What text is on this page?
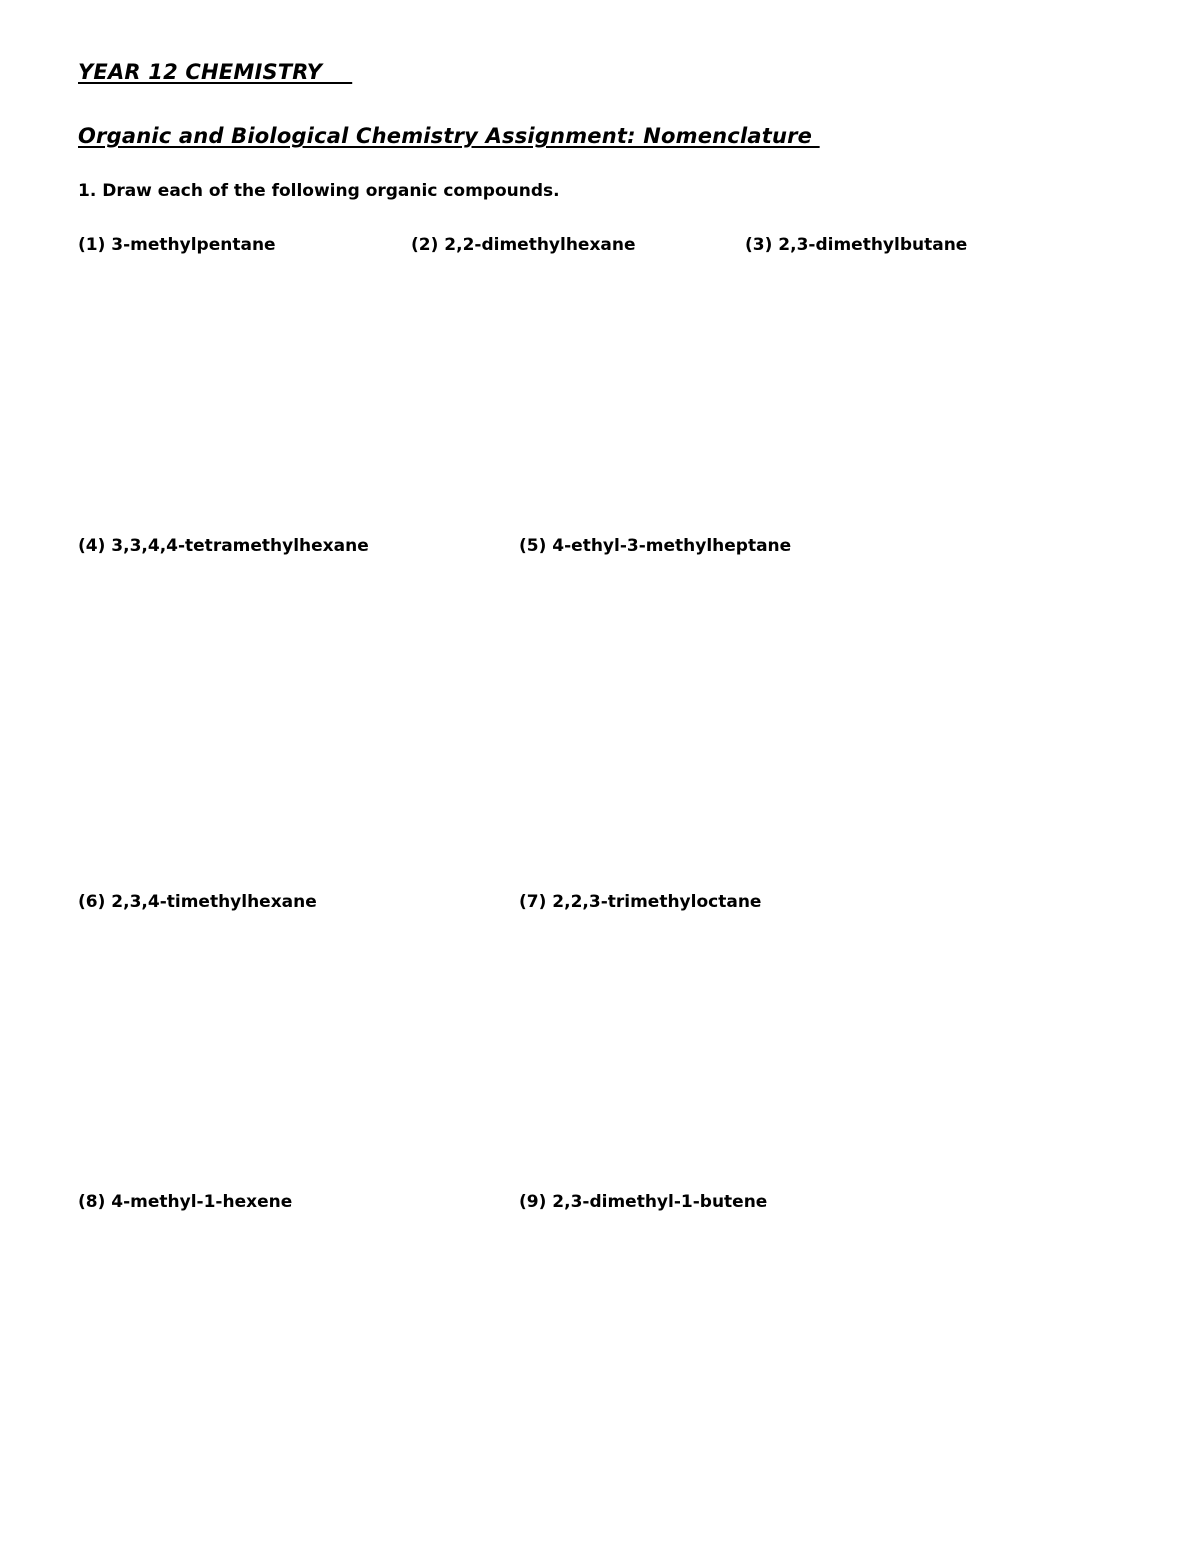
YEAR 12 CHEMISTRY
Organic and Biological Chemistry Assignment: Nomenclature
1. Draw each of the following organic compounds.
(1) 3-methylpentane	(2) 2,2-dimethylhexane	(3) 2,3-dimethylbutane
(4) 3,3,4,4-tetramethylhexane	(5) 4-ethyl-3-methylheptane
(6) 2,3,4-timethylhexane	(7) 2,2,3-trimethyloctane
(8) 4-methyl-1-hexene	(9) 2,3-dimethyl-1-butene
